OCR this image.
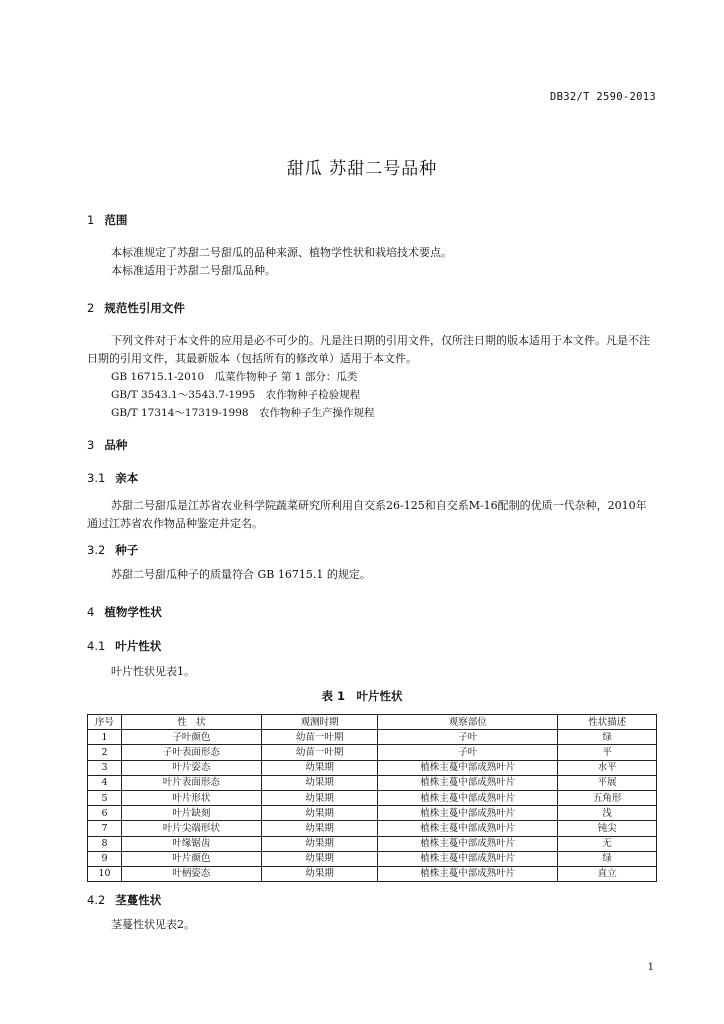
DB32/T 2590-2013
甜瓜 苏甜二号品种
1 范围
本标准规定了苏甜二号甜瓜的品种来源、植物学性状和栽培技术要点。
本标准适用于苏甜二号甜瓜品种。
2 规范性引用文件
下列文件对于本文件的应用是必不可少的。凡是注日期的引用文件，仅所注日期的版本适用于本文件。凡是不注日期的引用文件，其最新版本（包括所有的修改单）适用于本文件。
GB 16715.1-2010　瓜菜作物种子 第 1 部分：瓜类
GB/T 3543.1～3543.7-1995　农作物种子检验规程
GB/T 17314～17319-1998　农作物种子生产操作规程
3 品种
3.1 亲本
苏甜二号甜瓜是江苏省农业科学院蔬菜研究所利用自交系26-125和自交系M-16配制的优质一代杂种，2010年通过江苏省农作物品种鉴定并定名。
3.2 种子
苏甜二号甜瓜种子的质量符合 GB 16715.1 的规定。
4 植物学性状
4.1 叶片性状
叶片性状见表1。
表 1　叶片性状
序号	性　状	观测时期	观察部位	性状描述
1	子叶颜色	幼苗一叶期	子叶	绿
2	子叶表面形态	幼苗一叶期	子叶	平
3	叶片姿态	幼果期	植株主蔓中部成熟叶片	水平
4	叶片表面形态	幼果期	植株主蔓中部成熟叶片	平展
5	叶片形状	幼果期	植株主蔓中部成熟叶片	五角形
6	叶片缺刻	幼果期	植株主蔓中部成熟叶片	浅
7	叶片尖端形状	幼果期	植株主蔓中部成熟叶片	钝尖
8	叶缘锯齿	幼果期	植株主蔓中部成熟叶片	无
9	叶片颜色	幼果期	植株主蔓中部成熟叶片	绿
10	叶柄姿态	幼果期	植株主蔓中部成熟叶片	直立
4.2 茎蔓性状
茎蔓性状见表2。
1
